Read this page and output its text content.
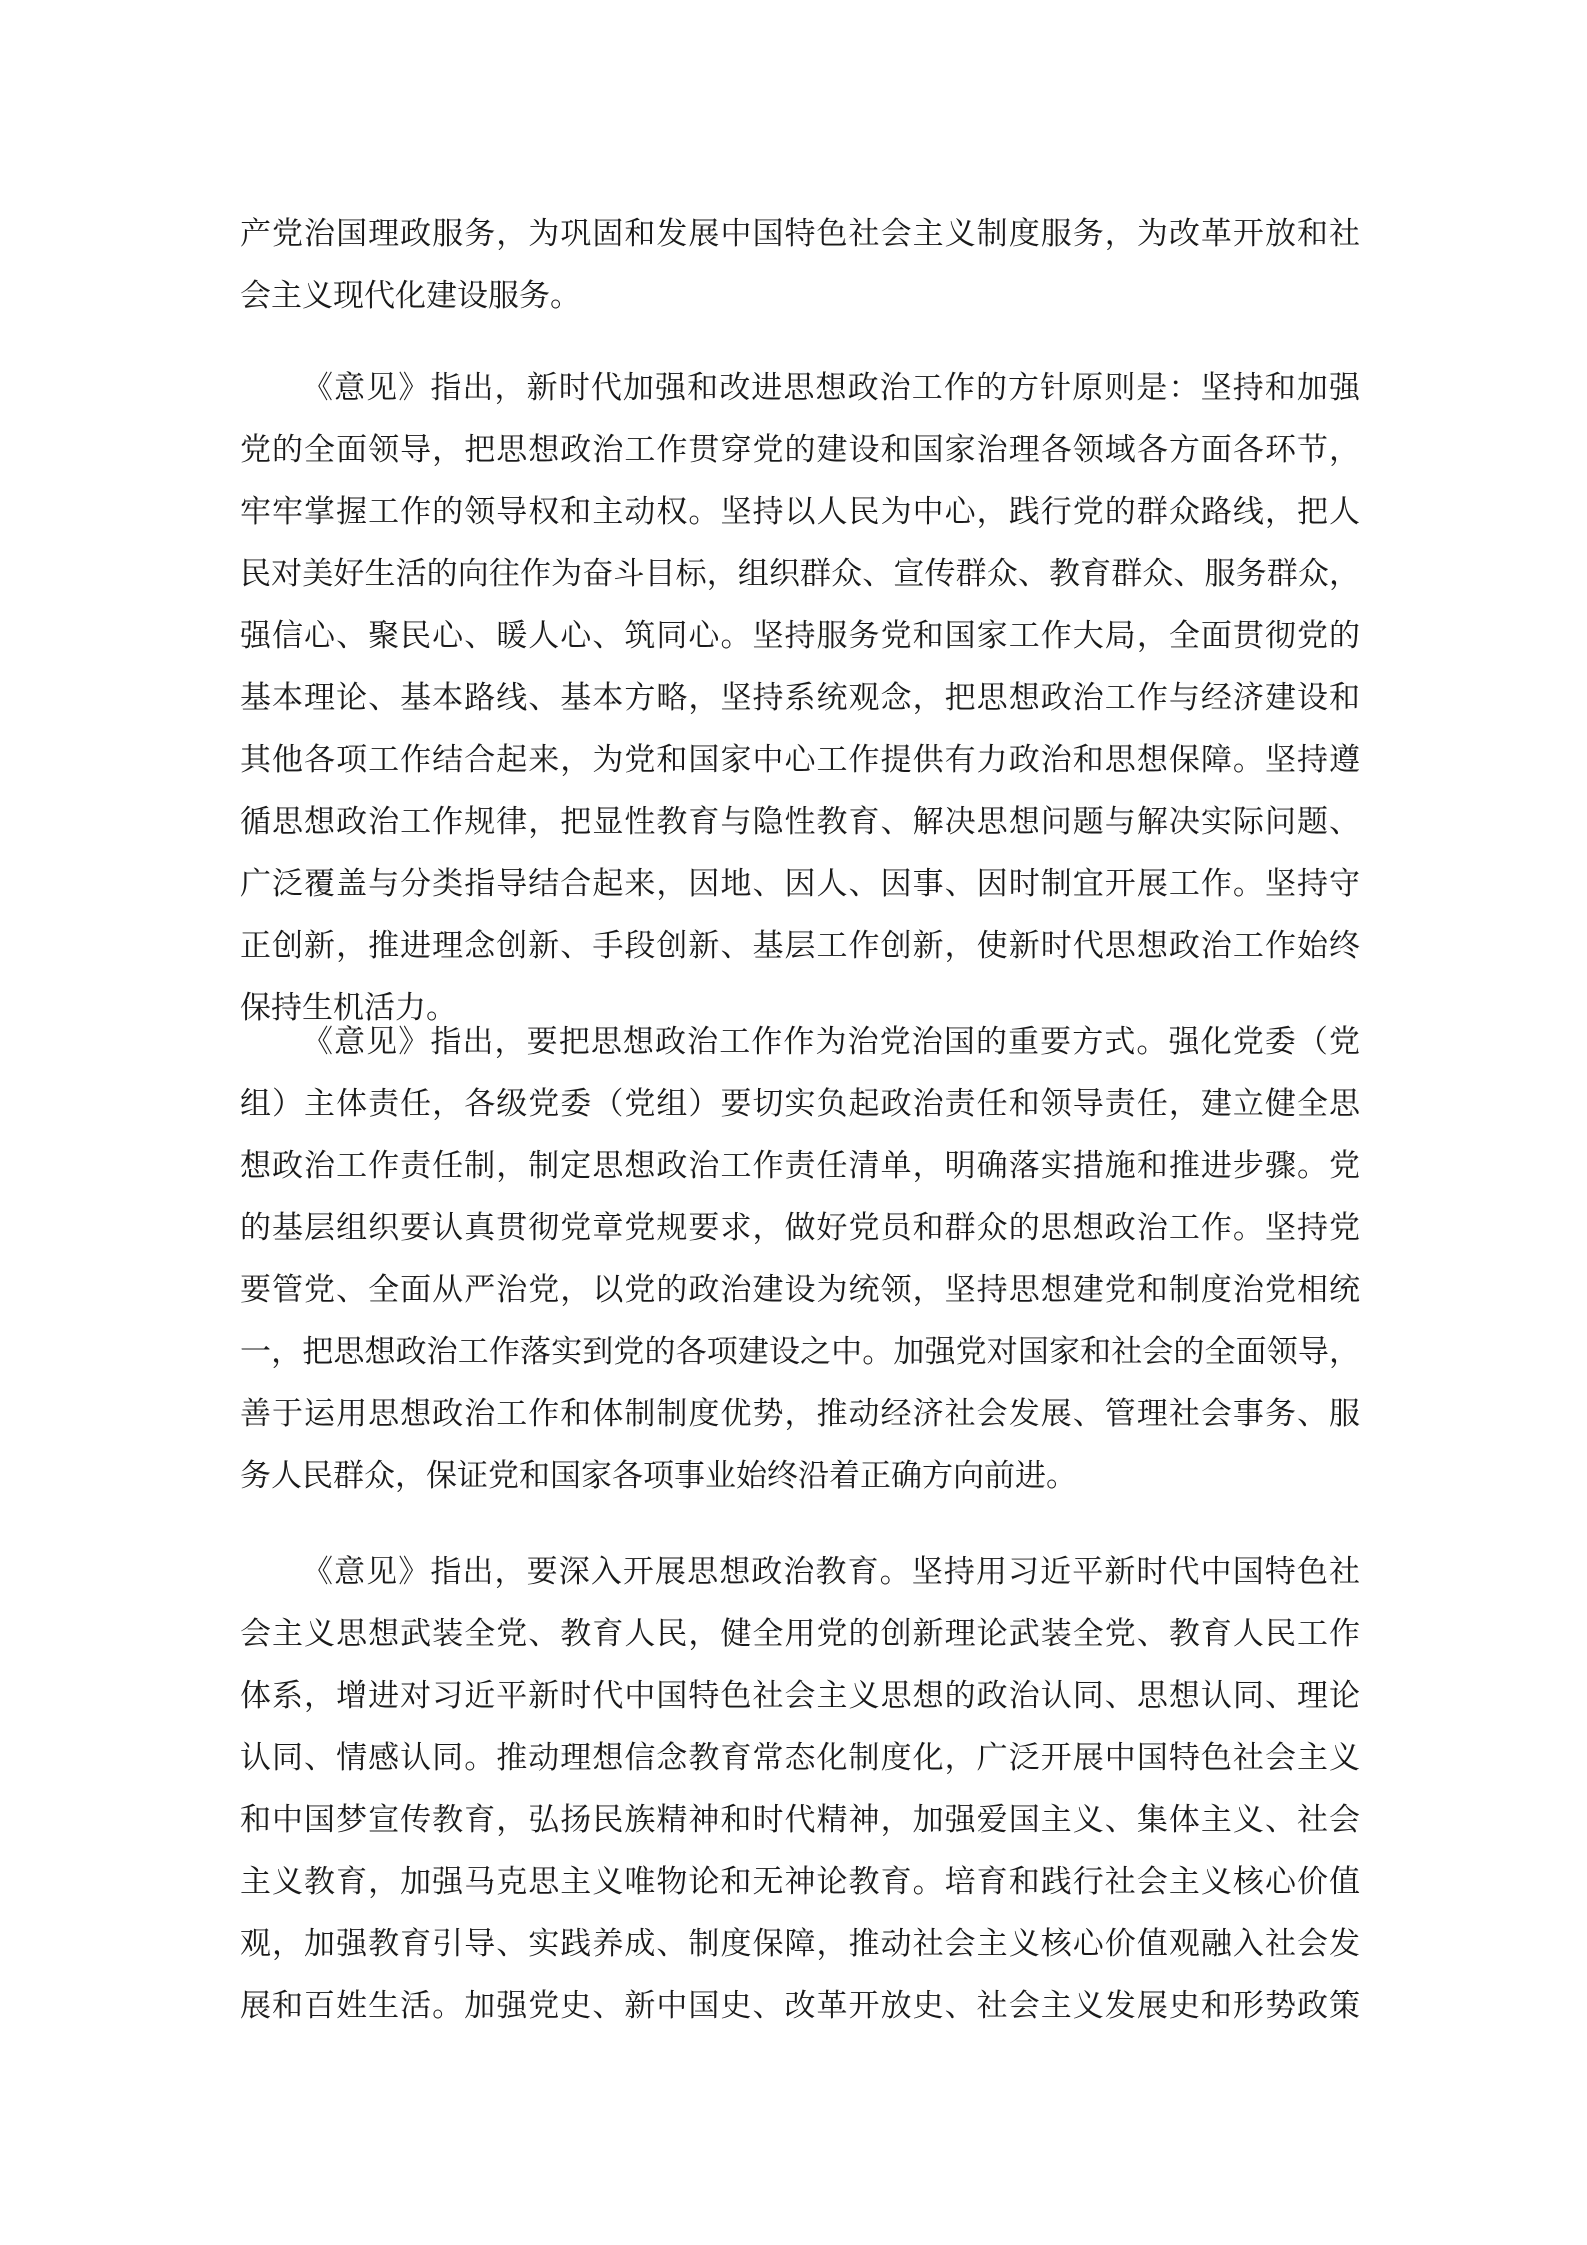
产党治国理政服务，为巩固和发展中国特色社会主义制度服务，为改革开放和社
会主义现代化建设服务。
《意见》指出，新时代加强和改进思想政治工作的方针原则是：坚持和加强
党的全面领导，把思想政治工作贯穿党的建设和国家治理各领域各方面各环节，
牢牢掌握工作的领导权和主动权。坚持以人民为中心，践行党的群众路线，把人
民对美好生活的向往作为奋斗目标，组织群众、宣传群众、教育群众、服务群众，
强信心、聚民心、暖人心、筑同心。坚持服务党和国家工作大局，全面贯彻党的
基本理论、基本路线、基本方略，坚持系统观念，把思想政治工作与经济建设和
其他各项工作结合起来，为党和国家中心工作提供有力政治和思想保障。坚持遵
循思想政治工作规律，把显性教育与隐性教育、解决思想问题与解决实际问题、
广泛覆盖与分类指导结合起来，因地、因人、因事、因时制宜开展工作。坚持守
正创新，推进理念创新、手段创新、基层工作创新，使新时代思想政治工作始终
保持生机活力。
《意见》指出，要把思想政治工作作为治党治国的重要方式。强化党委（党
组）主体责任，各级党委（党组）要切实负起政治责任和领导责任，建立健全思
想政治工作责任制，制定思想政治工作责任清单，明确落实措施和推进步骤。党
的基层组织要认真贯彻党章党规要求，做好党员和群众的思想政治工作。坚持党
要管党、全面从严治党，以党的政治建设为统领，坚持思想建党和制度治党相统
一，把思想政治工作落实到党的各项建设之中。加强党对国家和社会的全面领导，
善于运用思想政治工作和体制制度优势，推动经济社会发展、管理社会事务、服
务人民群众，保证党和国家各项事业始终沿着正确方向前进。
《意见》指出，要深入开展思想政治教育。坚持用习近平新时代中国特色社
会主义思想武装全党、教育人民，健全用党的创新理论武装全党、教育人民工作
体系，增进对习近平新时代中国特色社会主义思想的政治认同、思想认同、理论
认同、情感认同。推动理想信念教育常态化制度化，广泛开展中国特色社会主义
和中国梦宣传教育，弘扬民族精神和时代精神，加强爱国主义、集体主义、社会
主义教育，加强马克思主义唯物论和无神论教育。培育和践行社会主义核心价值
观，加强教育引导、实践养成、制度保障，推动社会主义核心价值观融入社会发
展和百姓生活。加强党史、新中国史、改革开放史、社会主义发展史和形势政策
